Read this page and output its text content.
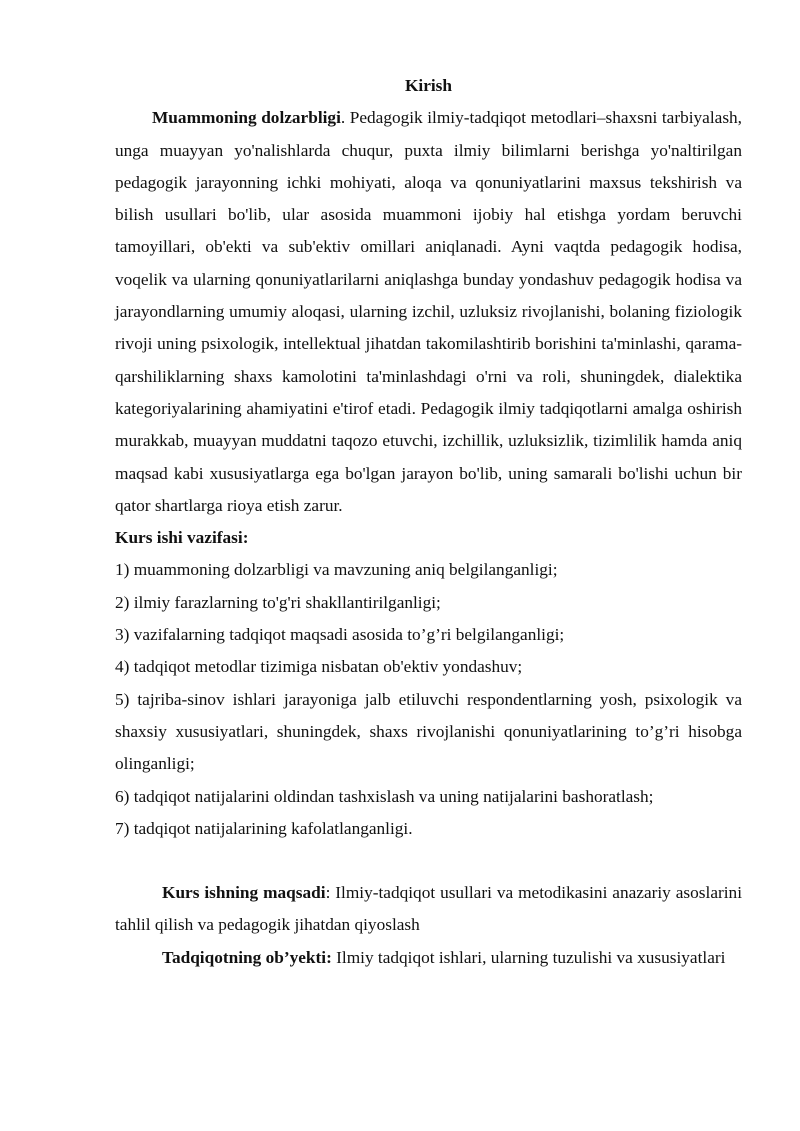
Kirish

Muammoning dolzarbligi. Pedagogik ilmiy-tadqiqot metodlari–shaxsni tarbiyalash, unga muayyan yo'nalishlarda chuqur, puxta ilmiy bilimlarni berishga yo'naltirilgan pedagogik jarayonning ichki mohiyati, aloqa va qonuniyatlarini maxsus tekshirish va bilish usullari bo'lib, ular asosida muammoni ijobiy hal etishga yordam beruvchi tamoyillari, ob'ekti va sub'ektiv omillari aniqlanadi. Ayni vaqtda pedagogik hodisa, voqelik va ularning qonuniyatlarilarni aniqlashga bunday yondashuv pedagogik hodisa va jarayondlarning umumiy aloqasi, ularning izchil, uzluksiz rivojlanishi, bolaning fiziologik rivoji uning psixologik, intellektual jihatdan takomilashtirib borishini ta'minlashi, qarama-qarshiliklarning shaxs kamolotini ta'minlashdagi o'rni va roli, shuningdek, dialektika kategoriyalarining ahamiyatini e'tirof etadi. Pedagogik ilmiy tadqiqotlarni amalga oshirish murakkab, muayyan muddatni taqozo etuvchi, izchillik, uzluksizlik, tizimlilik hamda aniq maqsad kabi xususiyatlarga ega bo'lgan jarayon bo'lib, uning samarali bo'lishi uchun bir qator shartlarga rioya etish zarur.

Kurs ishi vazifasi:

1) muammoning dolzarbligi va mavzuning aniq belgilanganligi;
2) ilmiy farazlarning to'g'ri shakllantirilganligi;
3) vazifalarning tadqiqot maqsadi asosida to’g’ri belgilanganligi;
4) tadqiqot metodlar tizimiga nisbatan ob'ektiv yondashuv;
5) tajriba-sinov ishlari jarayoniga jalb etiluvchi respondentlarning yosh, psixologik va shaxsiy xususiyatlari, shuningdek, shaxs rivojlanishi qonuniyatlarining to’g’ri hisobga olinganligi;
6) tadqiqot natijalarini oldindan tashxislash va uning natijalarini bashoratlash;
7) tadqiqot natijalarining kafolatlanganligi.

Kurs ishning maqsadi: Ilmiy-tadqiqot usullari va metodikasini anazariy asoslarini tahlil qilish va pedagogik jihatdan qiyoslash

Tadqiqotning ob’yekti: Ilmiy tadqiqot ishlari, ularning tuzulishi va xususiyatlari
